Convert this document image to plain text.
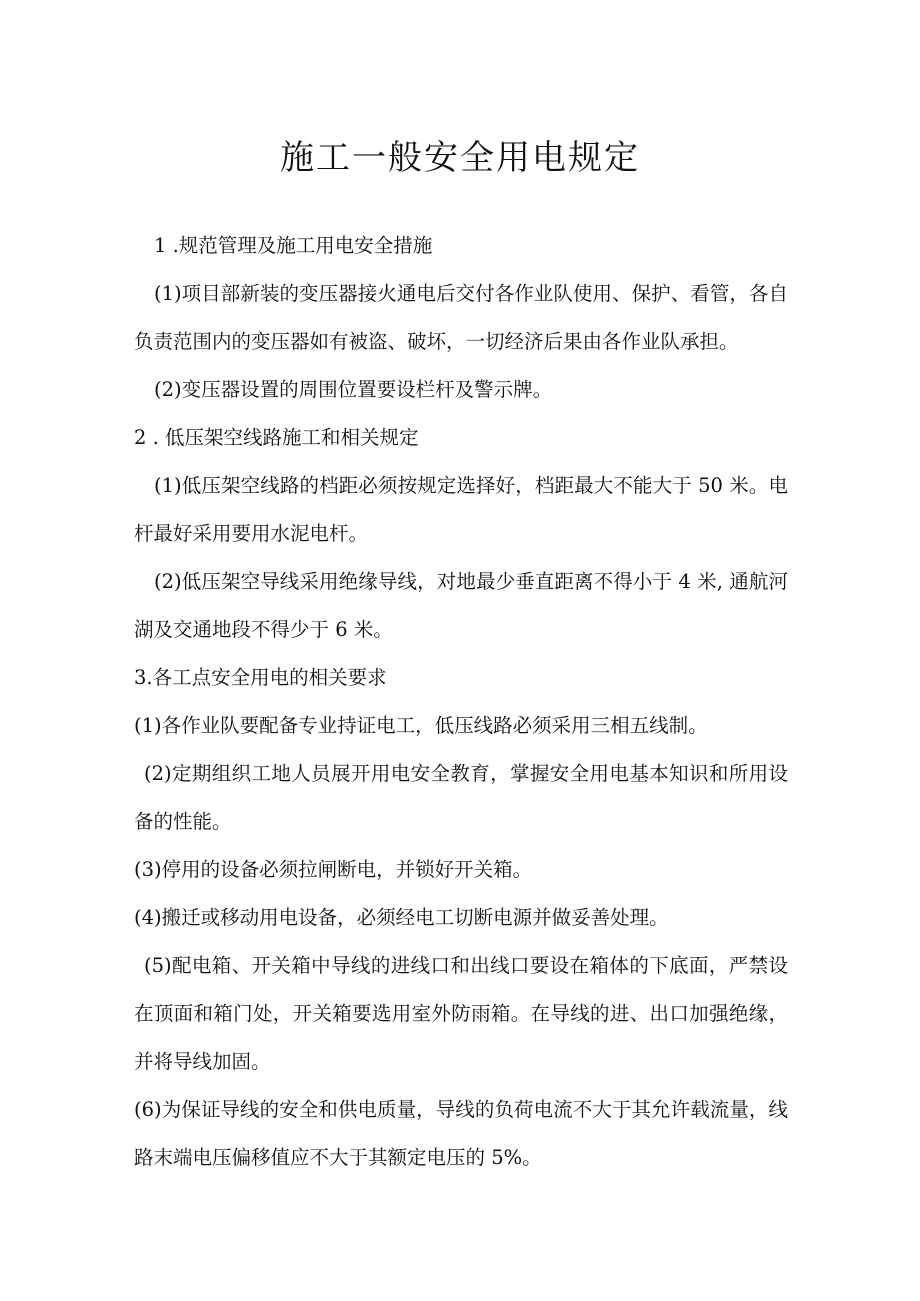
施工一般安全用电规定

1 .规范管理及施工用电安全措施

(1)项目部新装的变压器接火通电后交付各作业队使用、保护、看管，各自负责范围内的变压器如有被盗、破坏，一切经济后果由各作业队承担。

(2)变压器设置的周围位置要设栏杆及警示牌。

2 . 低压架空线路施工和相关规定

(1)低压架空线路的档距必须按规定选择好，档距最大不能大于 50 米。电杆最好采用要用水泥电杆。

(2)低压架空导线采用绝缘导线，对地最少垂直距离不得小于 4 米, 通航河湖及交通地段不得少于 6 米。

3.各工点安全用电的相关要求

(1)各作业队要配备专业持证电工，低压线路必须采用三相五线制。

(2)定期组织工地人员展开用电安全教育，掌握安全用电基本知识和所用设备的性能。

(3)停用的设备必须拉闸断电，并锁好开关箱。

(4)搬迁或移动用电设备，必须经电工切断电源并做妥善处理。

(5)配电箱、开关箱中导线的进线口和出线口要设在箱体的下底面，严禁设在顶面和箱门处，开关箱要选用室外防雨箱。在导线的进、出口加强绝缘，并将导线加固。

(6)为保证导线的安全和供电质量，导线的负荷电流不大于其允许载流量，线路末端电压偏移值应不大于其额定电压的 5%。
